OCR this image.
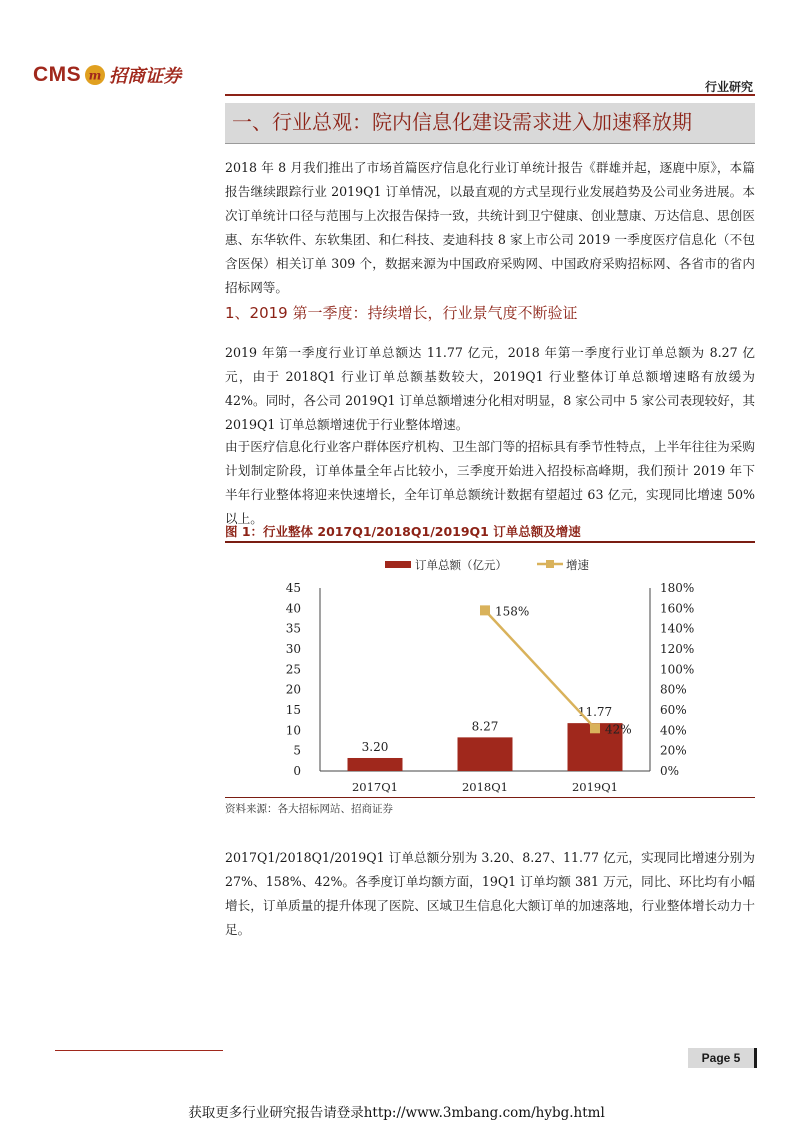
CMS m 招商证券	行业研究
一、行业总观：院内信息化建设需求进入加速释放期
2018 年 8 月我们推出了市场首篇医疗信息化行业订单统计报告《群雄并起，逐鹿中原》，本篇报告继续跟踪行业 2019Q1 订单情况，以最直观的方式呈现行业发展趋势及公司业务进展。本次订单统计口径与范围与上次报告保持一致，共统计到卫宁健康、创业慧康、万达信息、思创医惠、东华软件、东软集团、和仁科技、麦迪科技 8 家上市公司 2019 一季度医疗信息化（不包含医保）相关订单 309 个，数据来源为中国政府采购网、中国政府采购招标网、各省市的省内招标网等。
1、2019 第一季度：持续增长，行业景气度不断验证
2019 年第一季度行业订单总额达 11.77 亿元，2018 年第一季度行业订单总额为 8.27 亿元，由于 2018Q1 行业订单总额基数较大，2019Q1 行业整体订单总额增速略有放缓为 42%。同时，各公司 2019Q1 订单总额增速分化相对明显，8 家公司中 5 家公司表现较好，其 2019Q1 订单总额增速优于行业整体增速。
由于医疗信息化行业客户群体医疗机构、卫生部门等的招标具有季节性特点，上半年往往为采购计划制定阶段，订单体量全年占比较小，三季度开始进入招投标高峰期，我们预计 2019 年下半年行业整体将迎来快速增长，全年订单总额统计数据有望超过 63 亿元，实现同比增速 50%以上。
图 1：行业整体 2017Q1/2018Q1/2019Q1 订单总额及增速
订单总额（亿元）	增速
0
5
10
15
20
25
30
35
40
45
0%
20%
40%
60%
80%
100%
120%
140%
160%
180%
3.20
8.27
11.77
158%
42%
2017Q1	2018Q1	2019Q1
资料来源：各大招标网站、招商证券
2017Q1/2018Q1/2019Q1 订单总额分别为 3.20、8.27、11.77 亿元，实现同比增速分别为 27%、158%、42%。各季度订单均额方面，19Q1 订单均额 381 万元，同比、环比均有小幅增长，订单质量的提升体现了医院、区域卫生信息化大额订单的加速落地，行业整体增长动力十足。
Page 5
获取更多行业研究报告请登录http://www.3mbang.com/hybg.html
